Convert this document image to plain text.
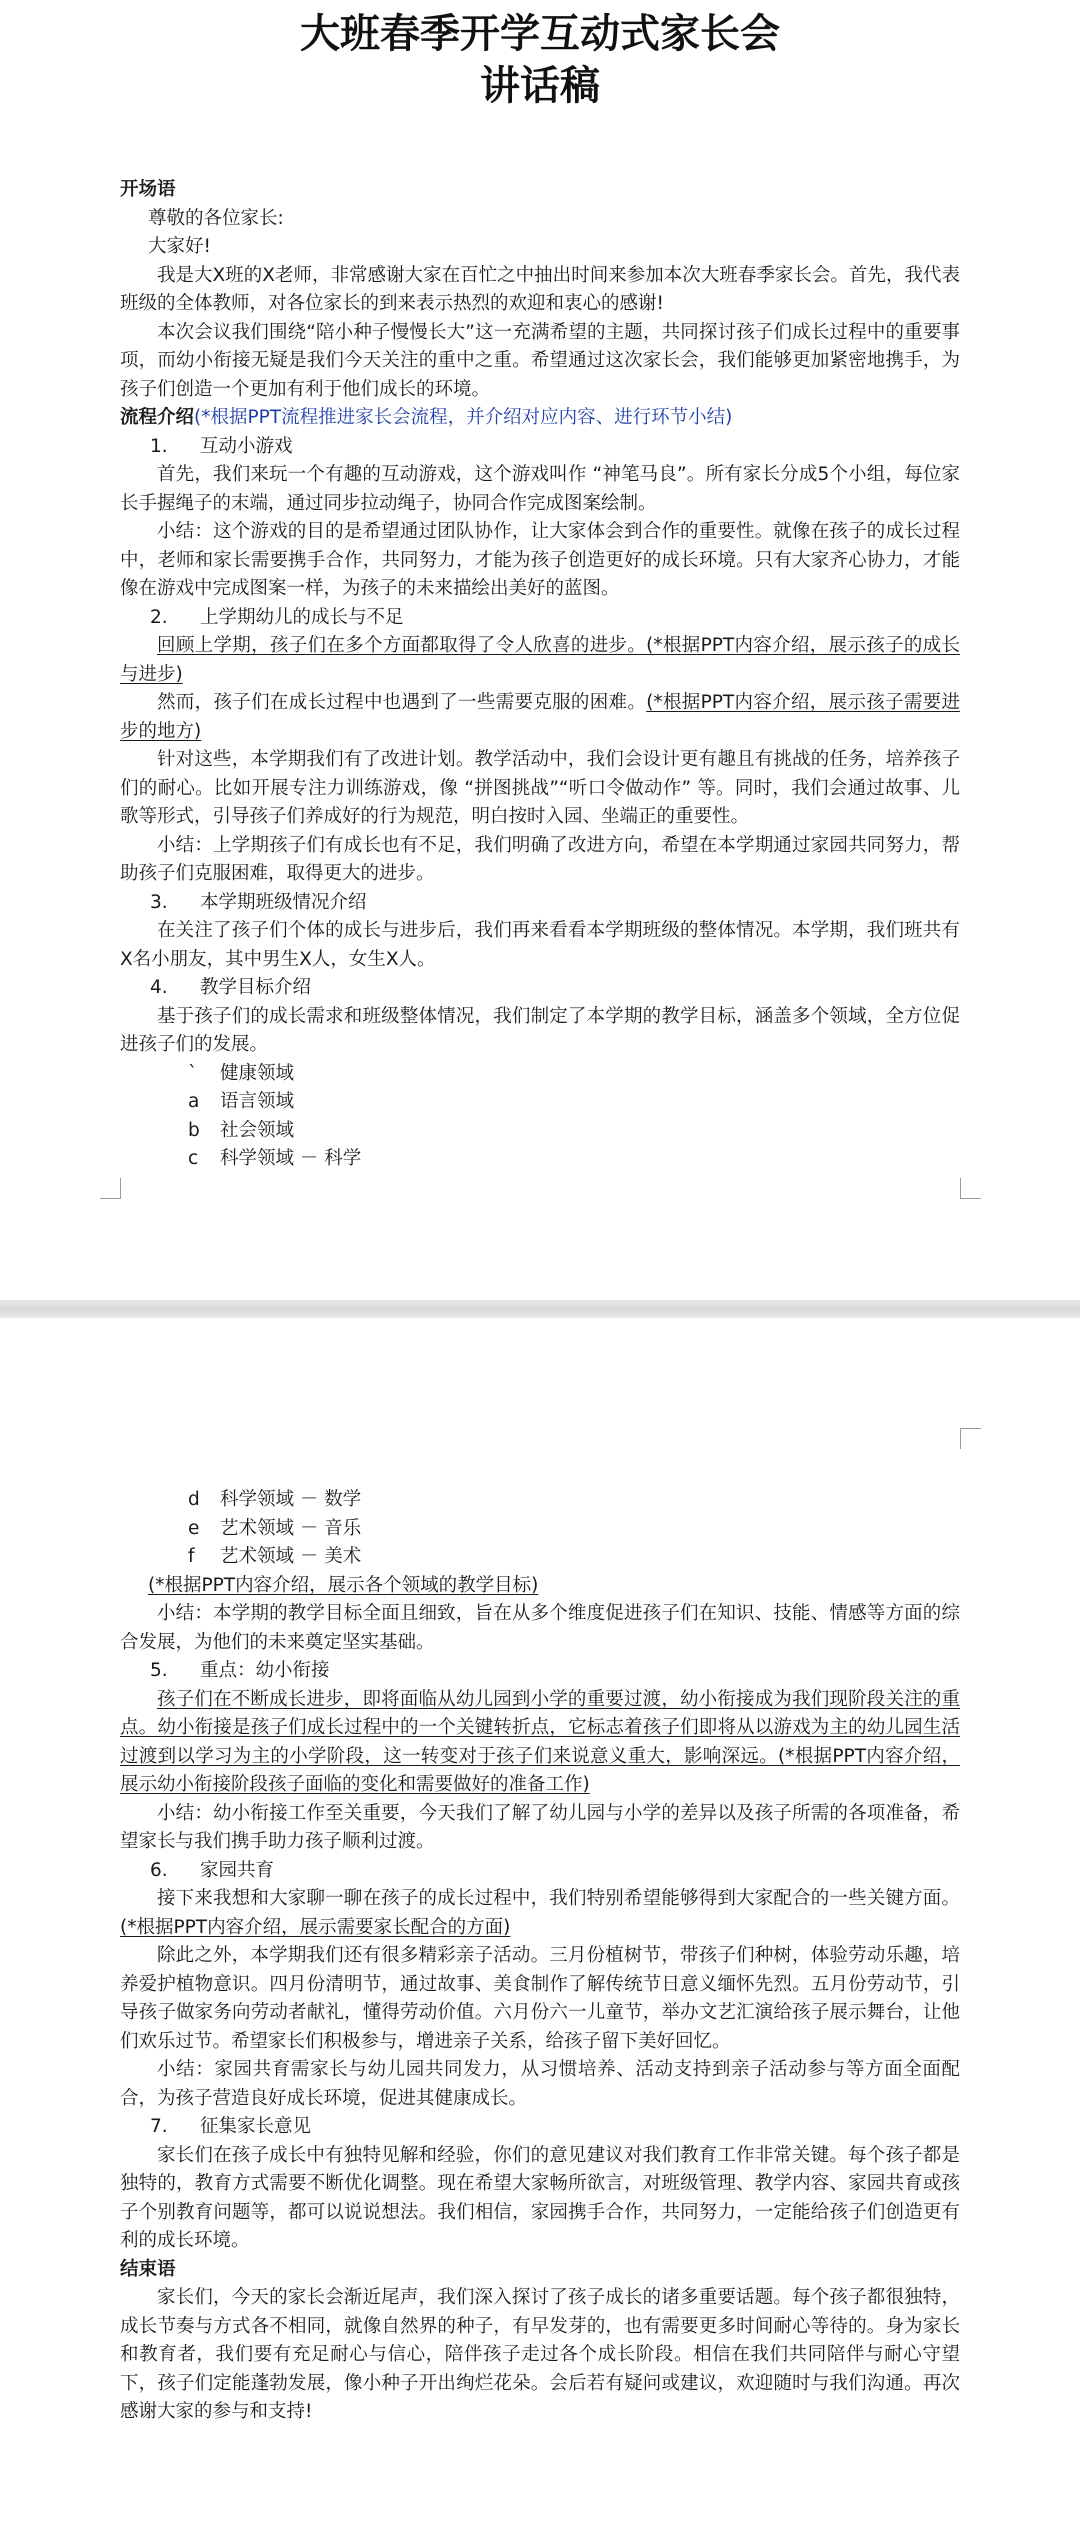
大班春季开学互动式家长会

讲话稿

开场语

尊敬的各位家长:

大家好!

我是大X班的X老师，非常感谢大家在百忙之中抽出时间来参加本次大班春季家长会。首先，我代表班级的全体教师，对各位家长的到来表示热烈的欢迎和衷心的感谢!

本次会议我们围绕“陪小种子慢慢长大”这一充满希望的主题，共同探讨孩子们成长过程中的重要事项，而幼小衔接无疑是我们今天关注的重中之重。希望通过这次家长会，我们能够更加紧密地携手，为孩子们创造一个更加有利于他们成长的环境。

流程介绍(*根据PPT流程推进家长会流程，并介绍对应内容、进行环节小结)

1. 互动小游戏

首先，我们来玩一个有趣的互动游戏，这个游戏叫作 “神笔马良”。所有家长分成5个小组，每位家长手握绳子的末端，通过同步拉动绳子，协同合作完成图案绘制。

小结：这个游戏的目的是希望通过团队协作，让大家体会到合作的重要性。就像在孩子的成长过程中，老师和家长需要携手合作，共同努力，才能为孩子创造更好的成长环境。只有大家齐心协力，才能像在游戏中完成图案一样，为孩子的未来描绘出美好的蓝图。

2. 上学期幼儿的成长与不足

回顾上学期，孩子们在多个方面都取得了令人欣喜的进步。(*根据PPT内容介绍，展示孩子的成长与进步)

然而，孩子们在成长过程中也遇到了一些需要克服的困难。(*根据PPT内容介绍，展示孩子需要进步的地方)

针对这些，本学期我们有了改进计划。教学活动中，我们会设计更有趣且有挑战的任务，培养孩子们的耐心。比如开展专注力训练游戏，像 “拼图挑战”“听口令做动作” 等。同时，我们会通过故事、儿歌等形式，引导孩子们养成好的行为规范，明白按时入园、坐端正的重要性。

小结：上学期孩子们有成长也有不足，我们明确了改进方向，希望在本学期通过家园共同努力，帮助孩子们克服困难，取得更大的进步。

3. 本学期班级情况介绍

在关注了孩子们个体的成长与进步后，我们再来看看本学期班级的整体情况。本学期，我们班共有 X名小朋友，其中男生X人，女生X人。

4. 教学目标介绍

基于孩子们的成长需求和班级整体情况，我们制定了本学期的教学目标，涵盖多个领域，全方位促进孩子们的发展。

` 健康领域

a 语言领域

b 社会领域

c 科学领域 － 科学

d 科学领域 － 数学

e 艺术领域 － 音乐

f 艺术领域 － 美术

(*根据PPT内容介绍，展示各个领域的教学目标)

小结：本学期的教学目标全面且细致，旨在从多个维度促进孩子们在知识、技能、情感等方面的综合发展，为他们的未来奠定坚实基础。

5. 重点：幼小衔接

孩子们在不断成长进步，即将面临从幼儿园到小学的重要过渡，幼小衔接成为我们现阶段关注的重点。幼小衔接是孩子们成长过程中的一个关键转折点，它标志着孩子们即将从以游戏为主的幼儿园生活过渡到以学习为主的小学阶段，这一转变对于孩子们来说意义重大，影响深远。(*根据PPT内容介绍，展示幼小衔接阶段孩子面临的变化和需要做好的准备工作)

小结：幼小衔接工作至关重要，今天我们了解了幼儿园与小学的差异以及孩子所需的各项准备，希望家长与我们携手助力孩子顺利过渡。

6. 家园共育

接下来我想和大家聊一聊在孩子的成长过程中，我们特别希望能够得到大家配合的一些关键方面。(*根据PPT内容介绍，展示需要家长配合的方面)

除此之外，本学期我们还有很多精彩亲子活动。三月份植树节，带孩子们种树，体验劳动乐趣，培养爱护植物意识。四月份清明节，通过故事、美食制作了解传统节日意义缅怀先烈。五月份劳动节，引导孩子做家务向劳动者献礼，懂得劳动价值。六月份六一儿童节，举办文艺汇演给孩子展示舞台，让他们欢乐过节。希望家长们积极参与，增进亲子关系，给孩子留下美好回忆。

小结：家园共育需家长与幼儿园共同发力，从习惯培养、活动支持到亲子活动参与等方面全面配合，为孩子营造良好成长环境，促进其健康成长。

7. 征集家长意见

家长们在孩子成长中有独特见解和经验，你们的意见建议对我们教育工作非常关键。每个孩子都是独特的，教育方式需要不断优化调整。现在希望大家畅所欲言，对班级管理、教学内容、家园共育或孩子个别教育问题等，都可以说说想法。我们相信，家园携手合作，共同努力，一定能给孩子们创造更有利的成长环境。

结束语

家长们，今天的家长会渐近尾声，我们深入探讨了孩子成长的诸多重要话题。每个孩子都很独特，成长节奏与方式各不相同，就像自然界的种子，有早发芽的，也有需要更多时间耐心等待的。身为家长和教育者，我们要有充足耐心与信心，陪伴孩子走过各个成长阶段。相信在我们共同陪伴与耐心守望下，孩子们定能蓬勃发展，像小种子开出绚烂花朵。会后若有疑问或建议，欢迎随时与我们沟通。再次感谢大家的参与和支持!
